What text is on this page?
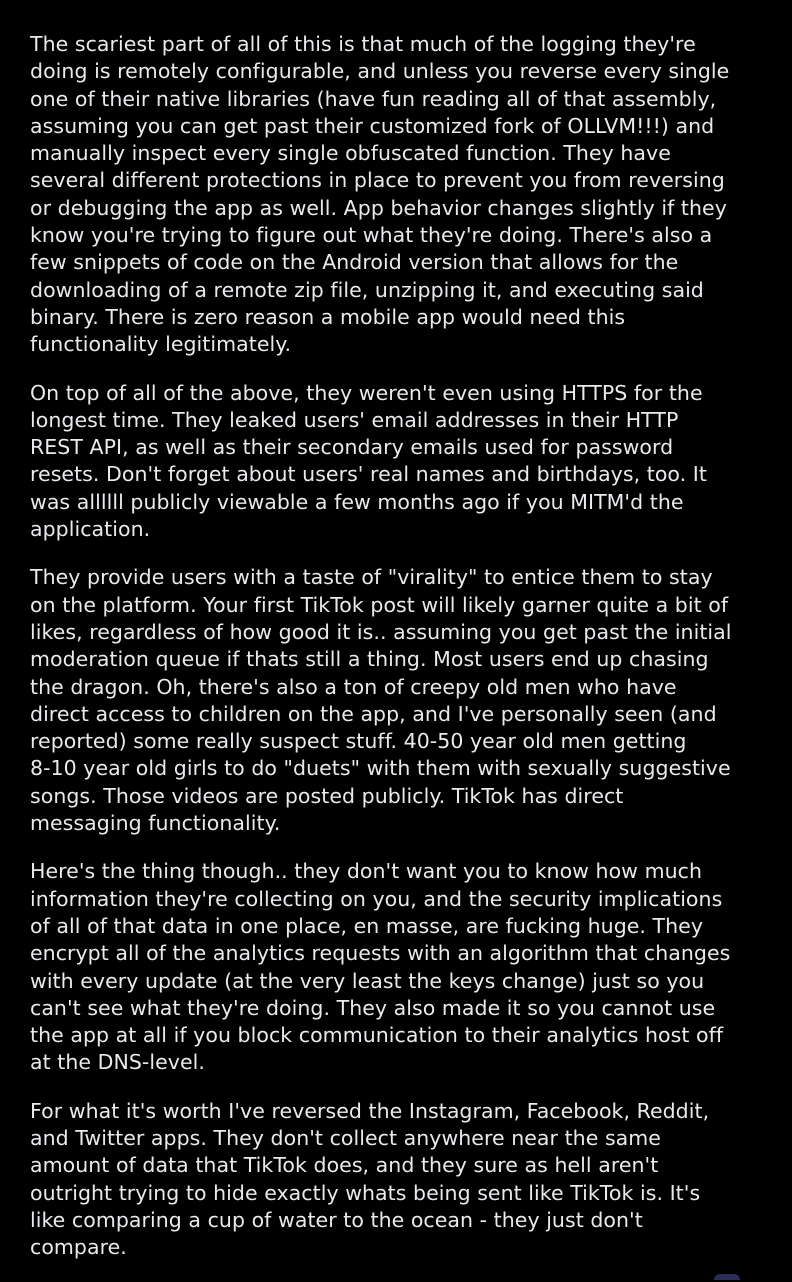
The scariest part of all of this is that much of the logging they're
doing is remotely configurable, and unless you reverse every single
one of their native libraries (have fun reading all of that assembly,
assuming you can get past their customized fork of OLLVM!!!) and
manually inspect every single obfuscated function. They have
several different protections in place to prevent you from reversing
or debugging the app as well. App behavior changes slightly if they
know you're trying to figure out what they're doing. There's also a
few snippets of code on the Android version that allows for the
downloading of a remote zip file, unzipping it, and executing said
binary. There is zero reason a mobile app would need this
functionality legitimately.

On top of all of the above, they weren't even using HTTPS for the
longest time. They leaked users' email addresses in their HTTP
REST API, as well as their secondary emails used for password
resets. Don't forget about users' real names and birthdays, too. It
was allllll publicly viewable a few months ago if you MITM'd the
application.

They provide users with a taste of "virality" to entice them to stay
on the platform. Your first TikTok post will likely garner quite a bit of
likes, regardless of how good it is.. assuming you get past the initial
moderation queue if thats still a thing. Most users end up chasing
the dragon. Oh, there's also a ton of creepy old men who have
direct access to children on the app, and I've personally seen (and
reported) some really suspect stuff. 40-50 year old men getting
8-10 year old girls to do "duets" with them with sexually suggestive
songs. Those videos are posted publicly. TikTok has direct
messaging functionality.

Here's the thing though.. they don't want you to know how much
information they're collecting on you, and the security implications
of all of that data in one place, en masse, are fucking huge. They
encrypt all of the analytics requests with an algorithm that changes
with every update (at the very least the keys change) just so you
can't see what they're doing. They also made it so you cannot use
the app at all if you block communication to their analytics host off
at the DNS-level.

For what it's worth I've reversed the Instagram, Facebook, Reddit,
and Twitter apps. They don't collect anywhere near the same
amount of data that TikTok does, and they sure as hell aren't
outright trying to hide exactly whats being sent like TikTok is. It's
like comparing a cup of water to the ocean - they just don't
compare.
